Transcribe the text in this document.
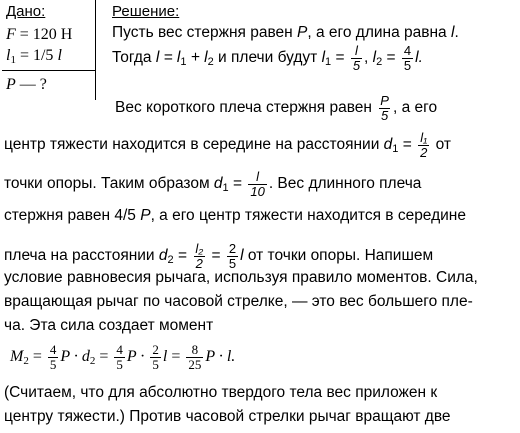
Дано:
F = 120 Н
$l_1 = 1/5$ l
P — ?
Решение:
Пусть вес стержня равен P, а его длина равна l.
Тогда $l = l_1 + l_2$ и плечи будут $l_1 = \frac{l}{5}$ , $l_2 = \frac{4}{5} l$.
Вес короткого плеча стержня равен $\frac{P}{5}$ , а его
центр тяжести находится в середине на расстоянии $d_1 = \frac{\text{l₁}}{2}$ от
точки опоры. Таким образом $d_1 = \frac{l}{10}$ . Вес длинного плеча
стержня равен 4/5 P, а его центр тяжести находится в середине
плеча на расстоянии $d_2 = \frac{\text{l₂}}{2} = \frac{2}{5}$ l от точки опоры. Напишем
условие равновесия рычага, используя правило моментов. Сила,
вращающая рычаг по часовой стрелке, — это вес большего пле-
ча. Эта сила создает момент
$M_2 = \frac{4}{5}$ $P \cdot d_2 = \frac{4}{5}$ $P \cdot \frac{2}{5}$ $l = \frac{8}{25}$ P · l.
(Считаем, что для абсолютно твердого тела вес приложен к
центру тяжести.) Против часовой стрелки рычаг вращают две
